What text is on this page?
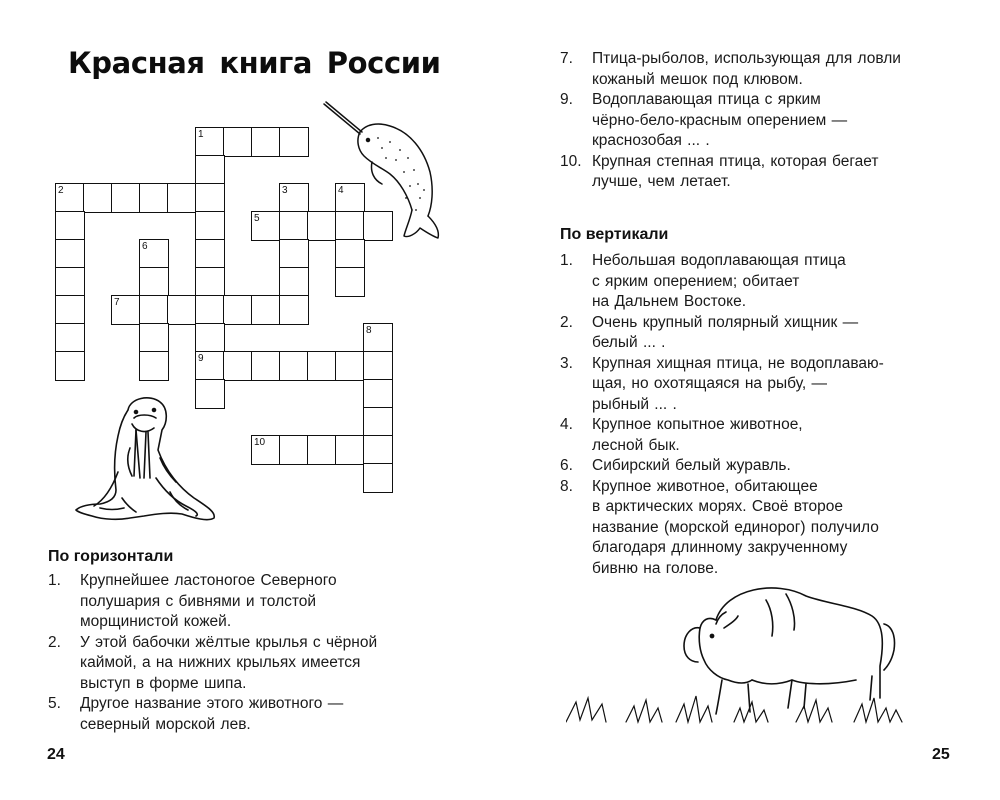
Красная книга России
1
2	3	4
5
6
7
8
9
10
По горизонтали
1.	Крупнейшее ластоногое Северного
полушария с бивнями и толстой
морщинистой кожей.
2.	У этой бабочки жёлтые крылья с чёрной
каймой, а на нижних крыльях имеется
выступ в форме шипа.
5.	Другое название этого животного —
северный морской лев.

24

7.	Птица-рыболов, использующая для ловли
кожаный мешок под клювом.
9.	Водоплавающая птица с ярким
чёрно-бело-красным оперением —
краснозобая ... .
10. Крупная степная птица, которая бегает
лучше, чем летает.
По вертикали
1.	Небольшая водоплавающая птица
с ярким оперением; обитает
на Дальнем Востоке.
2.	Очень крупный полярный хищник —
белый ... .
3.	Крупная хищная птица, не водоплаваю-
щая, но охотящаяся на рыбу, —
рыбный ... .
4.	Крупное копытное животное,
лесной бык.
6.	Сибирский белый журавль.
8.	Крупное животное, обитающее
в арктических морях. Своё второе
название (морской единорог) получило
благодаря длинному закрученному
бивню на голове.

25
